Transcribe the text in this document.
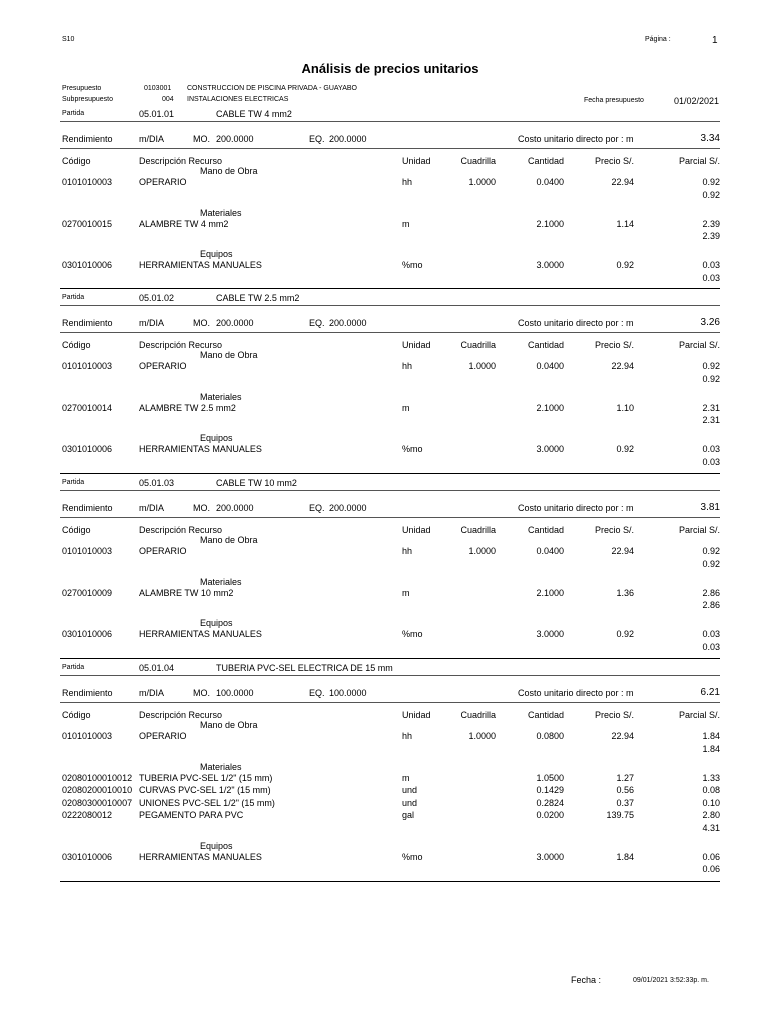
S10	Página :	1
Análisis de precios unitarios
Presupuesto	0103001 CONSTRUCCION DE PISCINA PRIVADA - GUAYABO
Subpresupuesto	004 INSTALACIONES ELECTRICAS	Fecha presupuesto	01/02/2021
Partida	05.01.01	CABLE TW 4 mm2
Rendimiento	m/DIA	MO. 200.0000	EQ. 200.0000	Costo unitario directo por : m	3.34
Código	Descripción Recurso	Unidad	Cuadrilla	Cantidad	Precio S/.	Parcial S/.
Mano de Obra
0101010003	OPERARIO	hh	1.0000	0.0400	22.94	0.92
0.92
Materiales
0270010015	ALAMBRE TW 4 mm2	m	2.1000	1.14	2.39
2.39
Equipos
0301010006	HERRAMIENTAS MANUALES	%mo	3.0000	0.92	0.03
0.03
Partida	05.01.02	CABLE TW 2.5 mm2
Rendimiento	m/DIA	MO. 200.0000	EQ. 200.0000	Costo unitario directo por : m	3.26
Código	Descripción Recurso	Unidad	Cuadrilla	Cantidad	Precio S/.	Parcial S/.
Mano de Obra
0101010003	OPERARIO	hh	1.0000	0.0400	22.94	0.92
0.92
Materiales
0270010014	ALAMBRE TW 2.5 mm2	m	2.1000	1.10	2.31
2.31
Equipos
0301010006	HERRAMIENTAS MANUALES	%mo	3.0000	0.92	0.03
0.03
Partida	05.01.03	CABLE TW 10 mm2
Rendimiento	m/DIA	MO. 200.0000	EQ. 200.0000	Costo unitario directo por : m	3.81
Código	Descripción Recurso	Unidad	Cuadrilla	Cantidad	Precio S/.	Parcial S/.
Mano de Obra
0101010003	OPERARIO	hh	1.0000	0.0400	22.94	0.92
0.92
Materiales
0270010009	ALAMBRE TW 10 mm2	m	2.1000	1.36	2.86
2.86
Equipos
0301010006	HERRAMIENTAS MANUALES	%mo	3.0000	0.92	0.03
0.03
Partida	05.01.04	TUBERIA PVC-SEL ELECTRICA DE 15 mm
Rendimiento	m/DIA	MO. 100.0000	EQ. 100.0000	Costo unitario directo por : m	6.21
Código	Descripción Recurso	Unidad	Cuadrilla	Cantidad	Precio S/.	Parcial S/.
Mano de Obra
0101010003	OPERARIO	hh	1.0000	0.0800	22.94	1.84
1.84
Materiales
02080100010012 TUBERIA PVC-SEL 1/2" (15 mm)	m	1.0500	1.27	1.33
02080200010010 CURVAS PVC-SEL 1/2" (15 mm)	und	0.1429	0.56	0.08
02080300010007 UNIONES PVC-SEL 1/2" (15 mm)	und	0.2824	0.37	0.10
0222080012	PEGAMENTO PARA PVC	gal	0.0200	139.75	2.80
4.31
Equipos
0301010006	HERRAMIENTAS MANUALES	%mo	3.0000	1.84	0.06
0.06
Fecha :	09/01/2021 3:52:33p. m.
